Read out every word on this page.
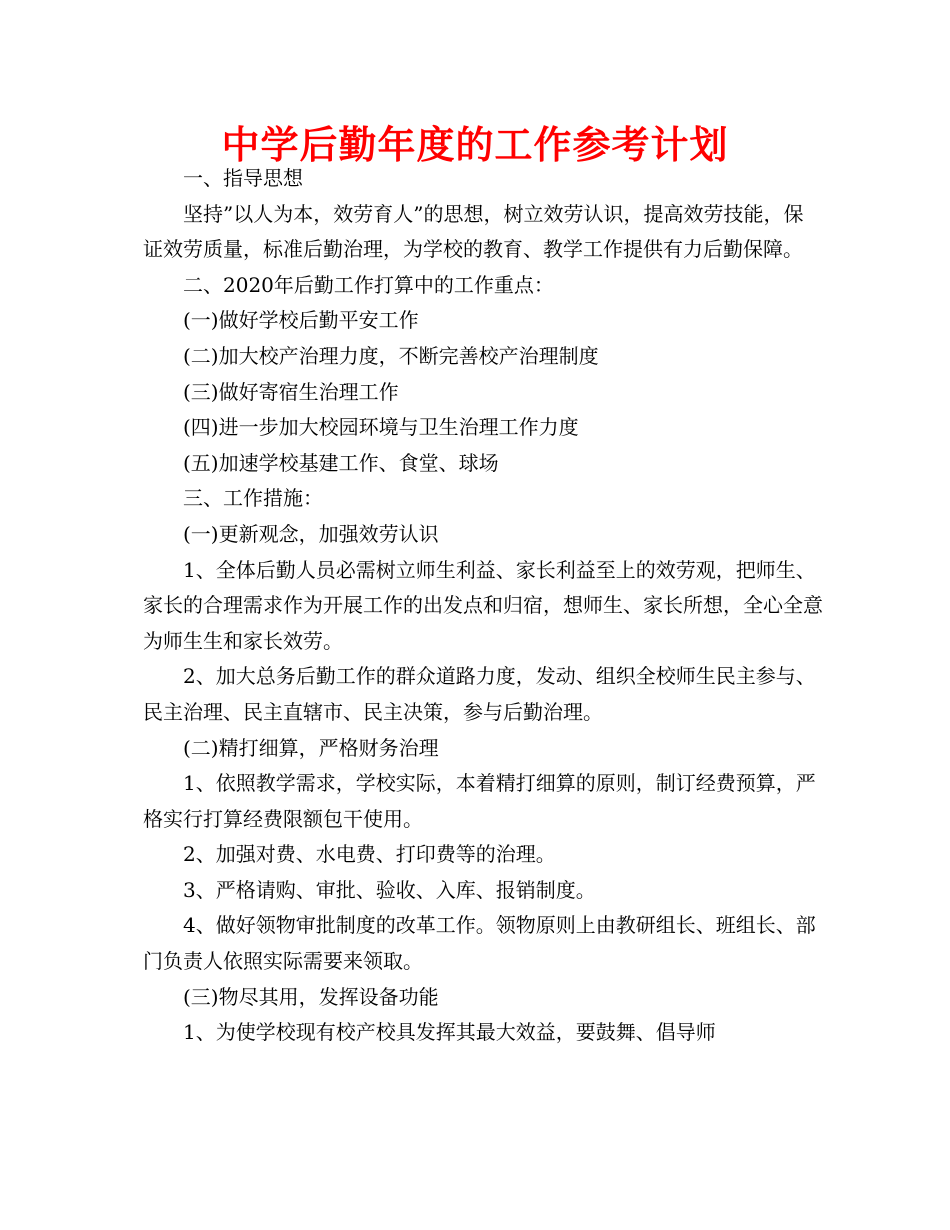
中学后勤年度的工作参考计划

一、指导思想

坚持”以人为本，效劳育人”的思想，树立效劳认识，提高效劳技能，保证效劳质量，标准后勤治理，为学校的教育、教学工作提供有力后勤保障。

二、2020年后勤工作打算中的工作重点：

(一)做好学校后勤平安工作

(二)加大校产治理力度，不断完善校产治理制度

(三)做好寄宿生治理工作

(四)进一步加大校园环境与卫生治理工作力度

(五)加速学校基建工作、食堂、球场

三、工作措施：

(一)更新观念，加强效劳认识

1、全体后勤人员必需树立师生利益、家长利益至上的效劳观，把师生、家长的合理需求作为开展工作的出发点和归宿，想师生、家长所想，全心全意为师生生和家长效劳。

2、加大总务后勤工作的群众道路力度，发动、组织全校师生民主参与、民主治理、民主直辖市、民主决策，参与后勤治理。

(二)精打细算，严格财务治理

1、依照教学需求，学校实际，本着精打细算的原则，制订经费预算，严格实行打算经费限额包干使用。

2、加强对费、水电费、打印费等的治理。

3、严格请购、审批、验收、入库、报销制度。

4、做好领物审批制度的改革工作。领物原则上由教研组长、班组长、部门负责人依照实际需要来领取。

(三)物尽其用，发挥设备功能

1、为使学校现有校产校具发挥其最大效益，要鼓舞、倡导师
